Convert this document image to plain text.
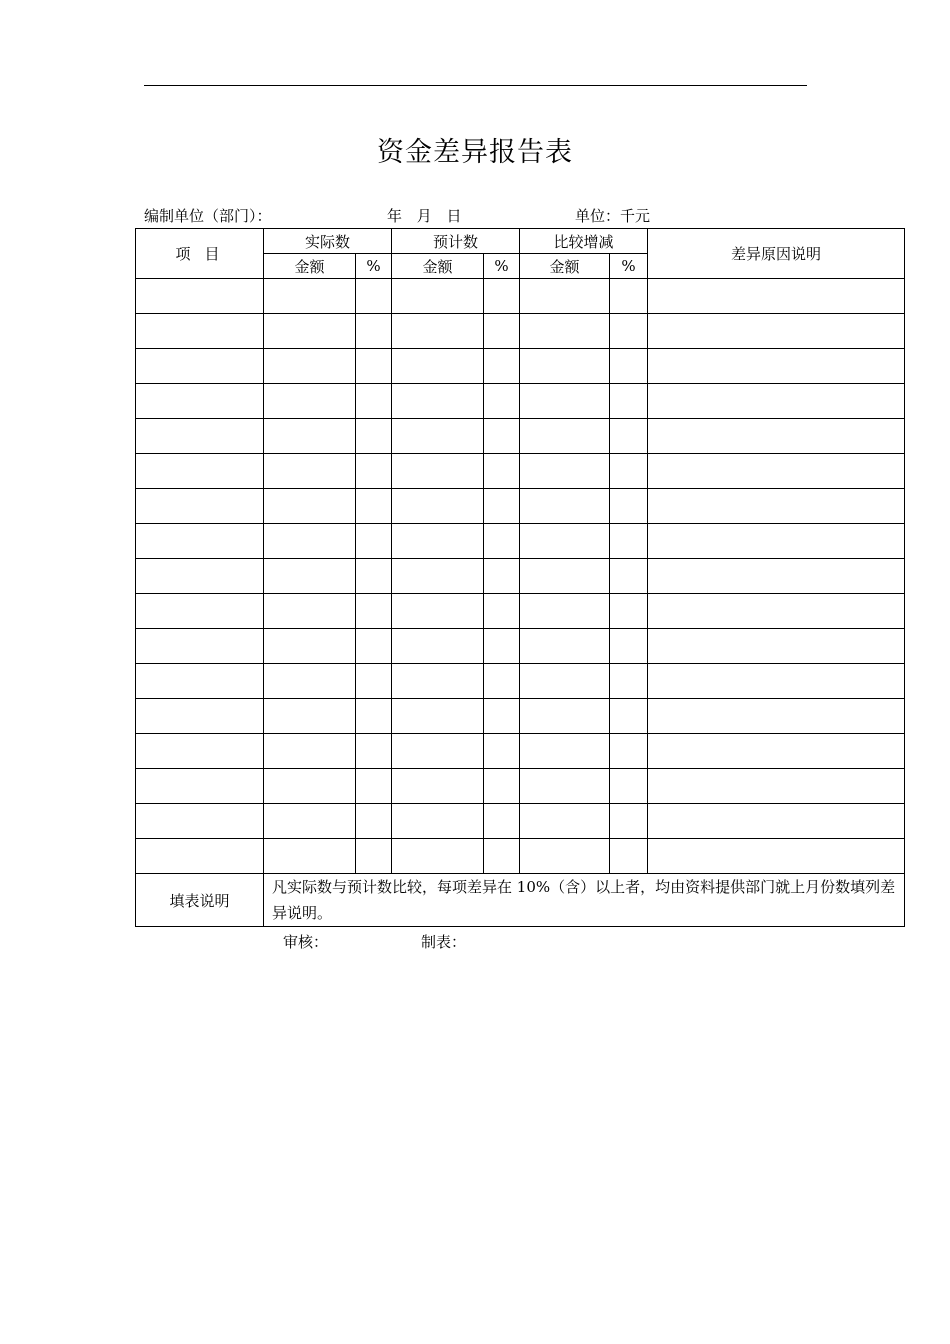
资金差异报告表
编制单位（部门）：	年 月 日	单位：千元
项目	实际数		预计数		比较增减		差异原因说明
	金额	%	金额	%	金额	%	

填表说明	凡实际数与预计数比较，每项差异在 10%（含）以上者，均由资料提供部门就上月份数填列差异说明。						
审核：	制表：
